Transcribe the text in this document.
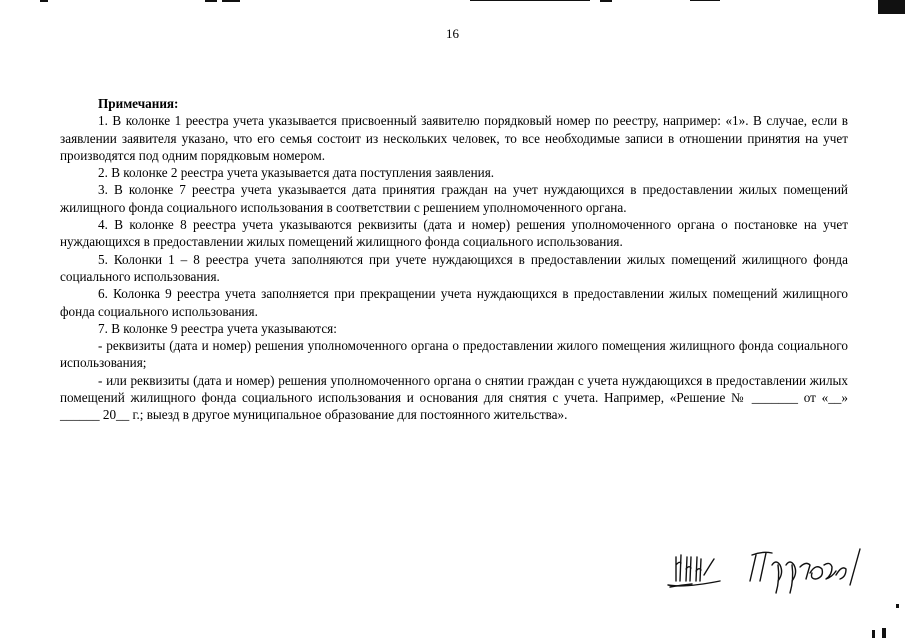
16

Примечания:

1. В колонке 1 реестра учета указывается присвоенный заявителю порядковый номер по реестру, например: «1». В случае, если в заявлении заявителя указано, что его семья состоит из нескольких человек, то все необходимые записи в отношении принятия на учет производятся под одним порядковым номером.

2. В колонке 2 реестра учета указывается дата поступления заявления.

3. В колонке 7 реестра учета указывается дата принятия граждан на учет нуждающихся в предоставлении жилых помещений жилищного фонда социального использования в соответствии с решением уполномоченного органа.

4. В колонке 8 реестра учета указываются реквизиты (дата и номер) решения уполномоченного органа о постановке на учет нуждающихся в предоставлении жилых помещений жилищного фонда социального использования.

5. Колонки 1 – 8 реестра учета заполняются при учете нуждающихся в предоставлении жилых помещений жилищного фонда социального использования.

6. Колонка 9 реестра учета заполняется при прекращении учета нуждающихся в предоставлении жилых помещений жилищного фонда социального использования.

7. В колонке 9 реестра учета указываются:

- реквизиты (дата и номер) решения уполномоченного органа о предоставлении жилого помещения жилищного фонда социального использования;

- или реквизиты (дата и номер) решения уполномоченного органа о снятии граждан с учета нуждающихся в предоставлении жилых помещений жилищного фонда социального использования и основания для снятия с учета. Например, «Решение № _______ от «__» ______ 20__ г.; выезд в другое муниципальное образование для постоянного жительства».
